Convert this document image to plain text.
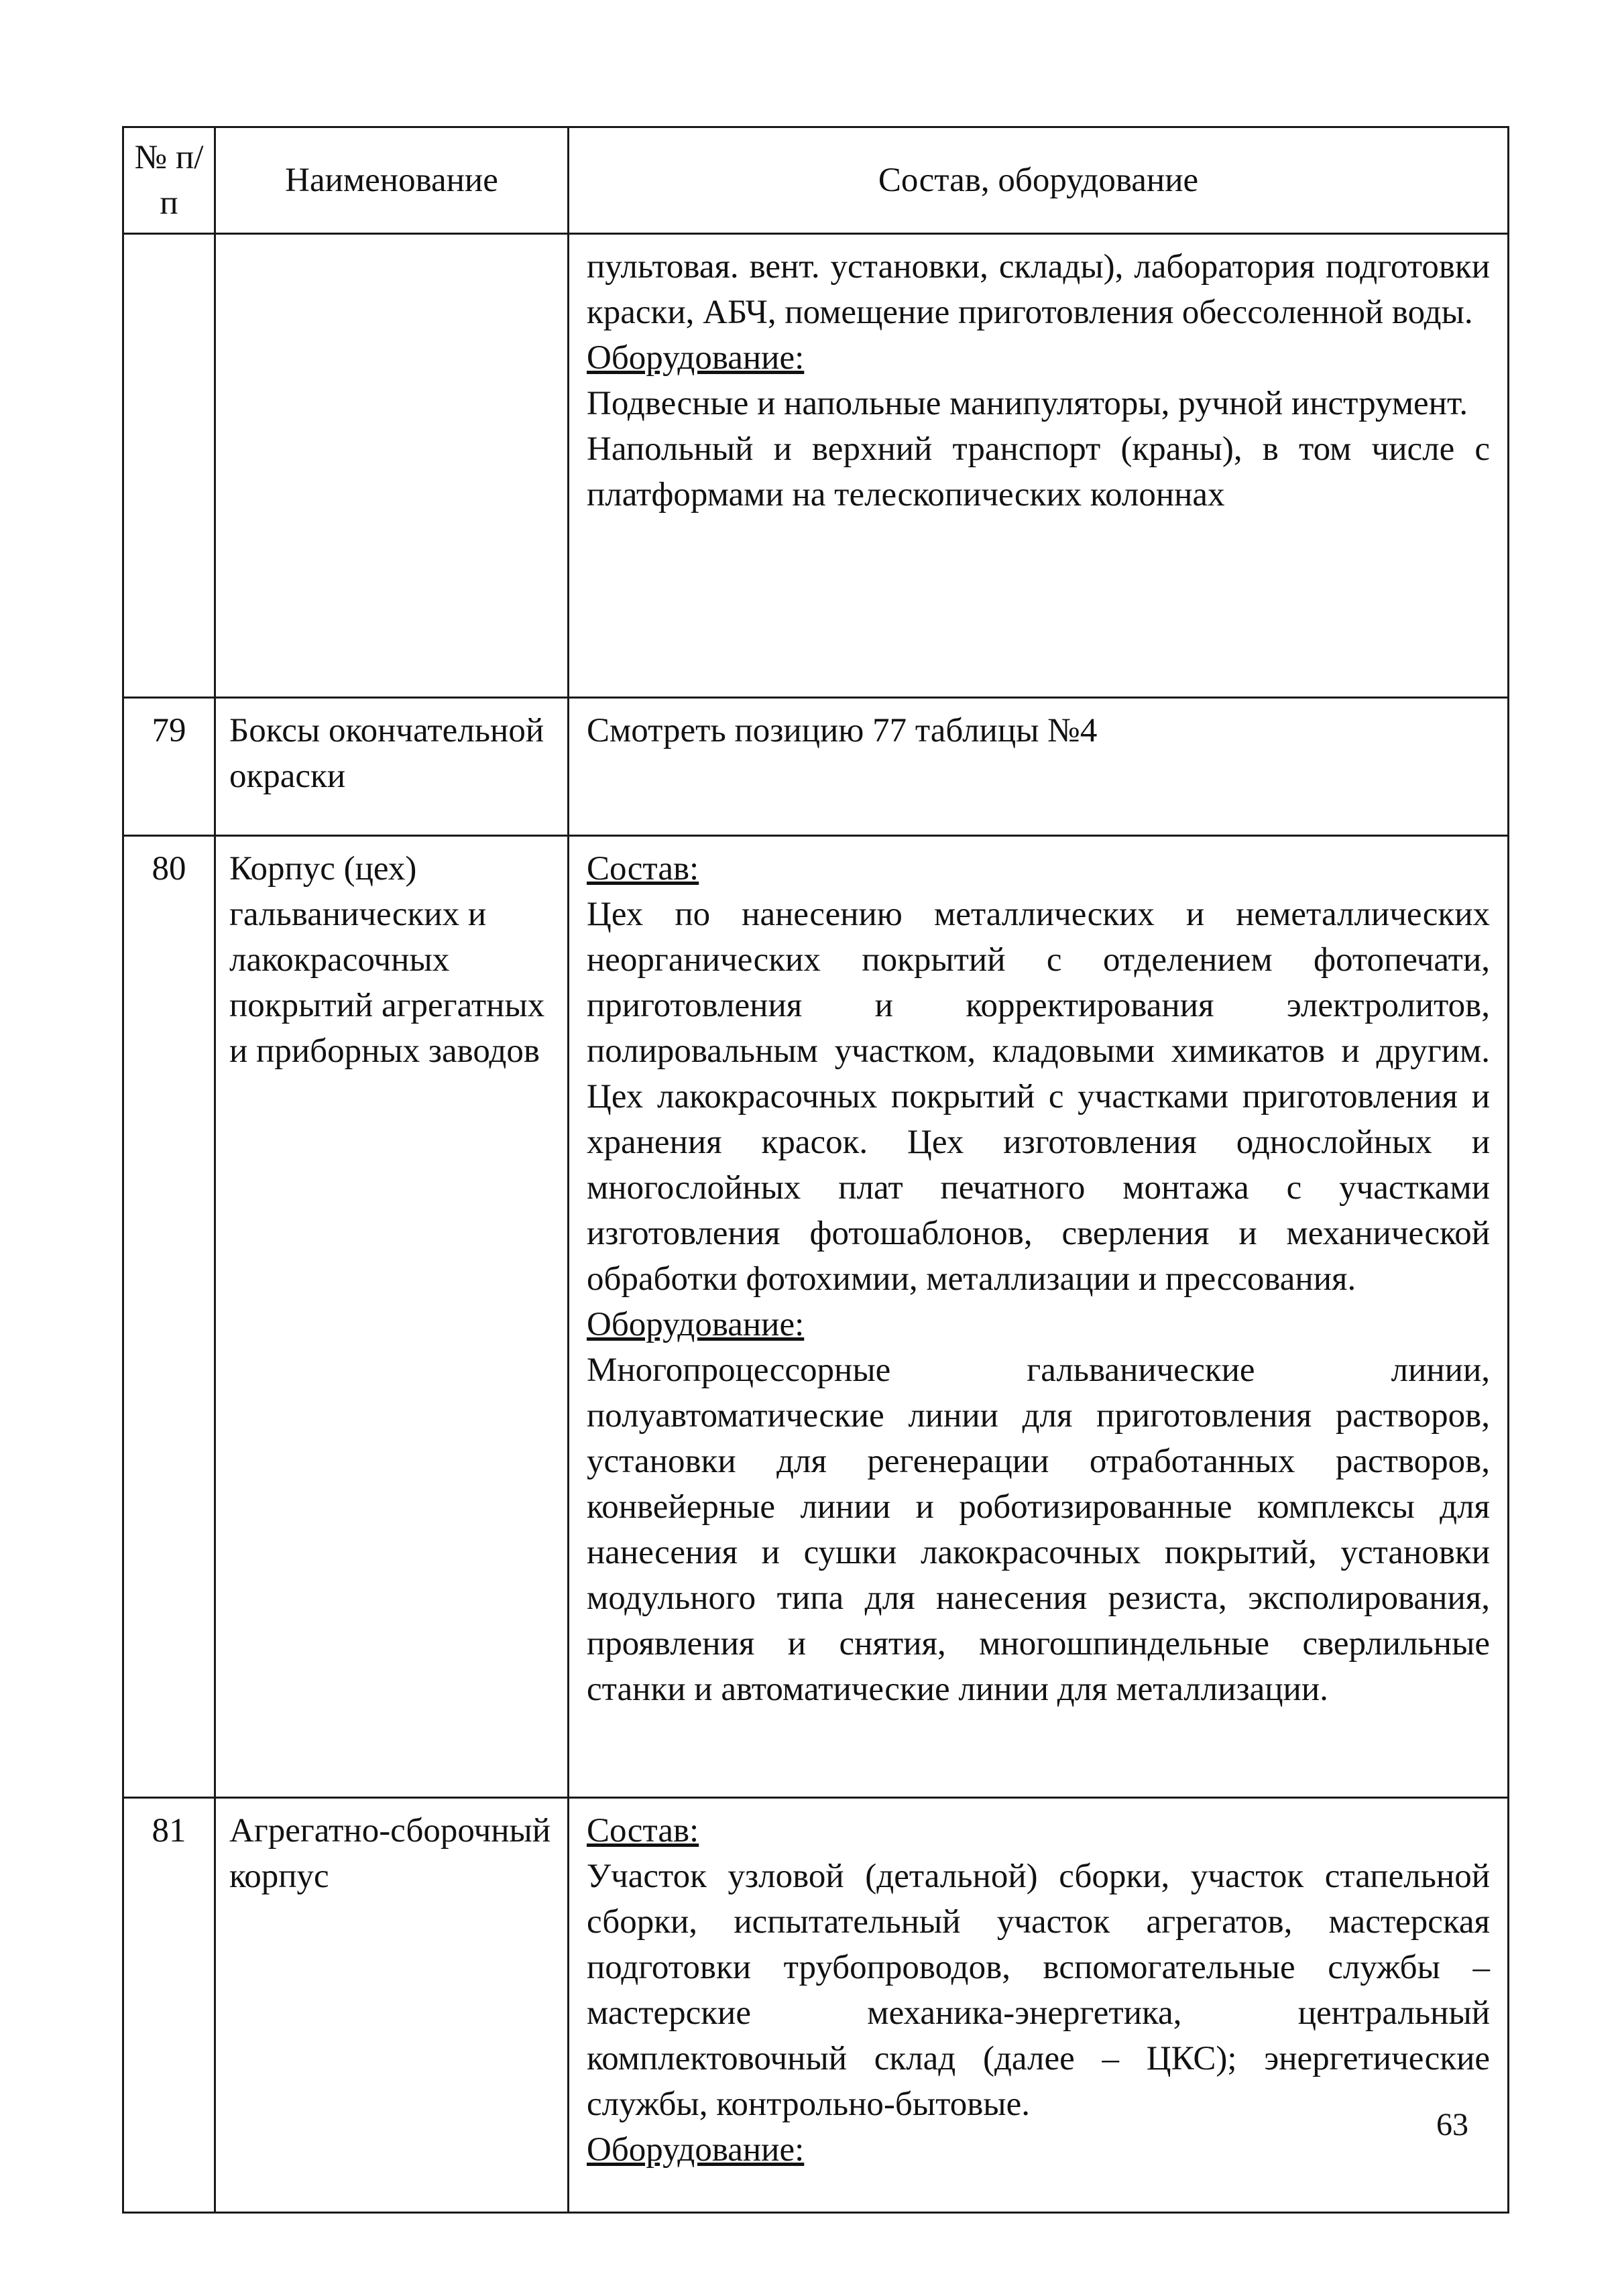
№ п/п	Наименование	Состав, оборудование

		пультовая. вент. установки, склады), лаборатория подготовки краски, АБЧ, помещение приготовления обессоленной воды.

Оборудование:

Подвесные и напольные манипуляторы, ручной инструмент.

Напольный и верхний транспорт (краны), в том числе с платформами на телескопических колоннах

79	Боксы окончательной окраски	Смотреть позицию 77 таблицы №4

80	Корпус (цех) гальванических и лакокрасочных покрытий агрегатных и приборных заводов	Состав:

Цех по нанесению металлических и неметаллических неорганических покрытий с отделением фотопечати, приготовления и корректирования электролитов, полировальным участком, кладовыми химикатов и другим. Цех лакокрасочных покрытий с участками приготовления и хранения красок. Цех изготовления однослойных и многослойных плат печатного монтажа с участками изготовления фотошаблонов, сверления и механической обработки фотохимии, металлизации и прессования.

Оборудование:

Многопроцессорные гальванические линии, полуавтоматические линии для приготовления растворов, установки для регенерации отработанных растворов, конвейерные линии и роботизированные комплексы для нанесения и сушки лакокрасочных покрытий, установки модульного типа для нанесения резиста, эксполирования, проявления и снятия, многошпиндельные сверлильные станки и автоматические линии для металлизации.

81	Агрегатно-сборочный корпус	Состав:

Участок узловой (детальной) сборки, участок стапельной сборки, испытательный участок агрегатов, мастерская подготовки трубопроводов, вспомогательные службы – мастерские механика-энергетика, центральный комплектовочный склад (далее – ЦКС); энергетические службы, контрольно-бытовые.

Оборудование:

63
